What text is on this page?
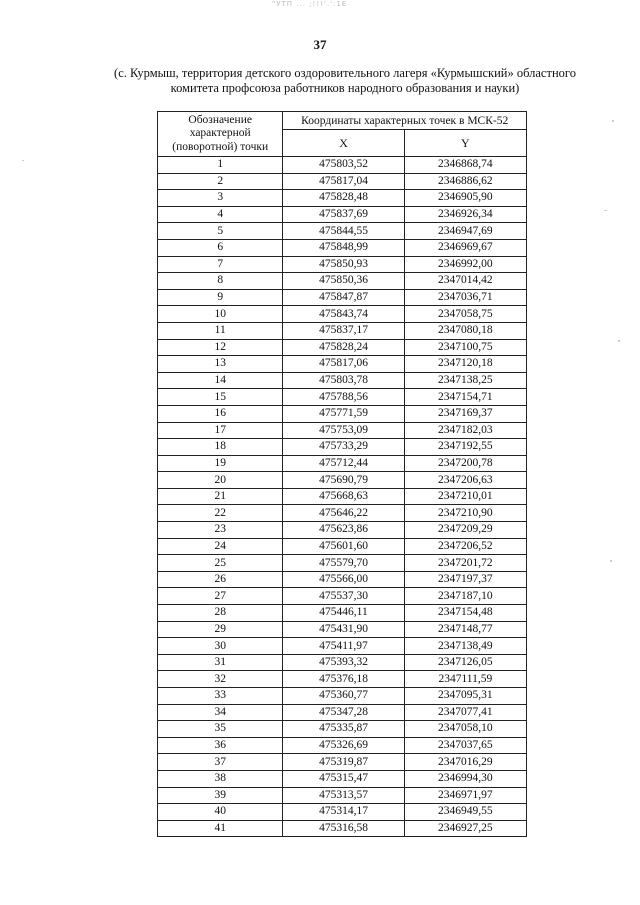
"УТП ... ;!!!'.':1Е
37
(с. Курмыш, территория детского оздоровительного лагеря «Курмышский» областного комитета профсоюза работников народного образования и науки)
Обозначение характерной (поворотной) точки	Координаты характерных точек в МСК-52	
	X	Y
1	475803,52	2346868,74
2	475817,04	2346886,62
3	475828,48	2346905,90
4	475837,69	2346926,34
5	475844,55	2346947,69
6	475848,99	2346969,67
7	475850,93	2346992,00
8	475850,36	2347014,42
9	475847,87	2347036,71
10	475843,74	2347058,75
11	475837,17	2347080,18
12	475828,24	2347100,75
13	475817,06	2347120,18
14	475803,78	2347138,25
15	475788,56	2347154,71
16	475771,59	2347169,37
17	475753,09	2347182,03
18	475733,29	2347192,55
19	475712,44	2347200,78
20	475690,79	2347206,63
21	475668,63	2347210,01
22	475646,22	2347210,90
23	475623,86	2347209,29
24	475601,60	2347206,52
25	475579,70	2347201,72
26	475566,00	2347197,37
27	475537,30	2347187,10
28	475446,11	2347154,48
29	475431,90	2347148,77
30	475411,97	2347138,49
31	475393,32	2347126,05
32	475376,18	2347111,59
33	475360,77	2347095,31
34	475347,28	2347077,41
35	475335,87	2347058,10
36	475326,69	2347037,65
37	475319,87	2347016,29
38	475315,47	2346994,30
39	475313,57	2346971,97
40	475314,17	2346949,55
41	475316,58	2346927,25
